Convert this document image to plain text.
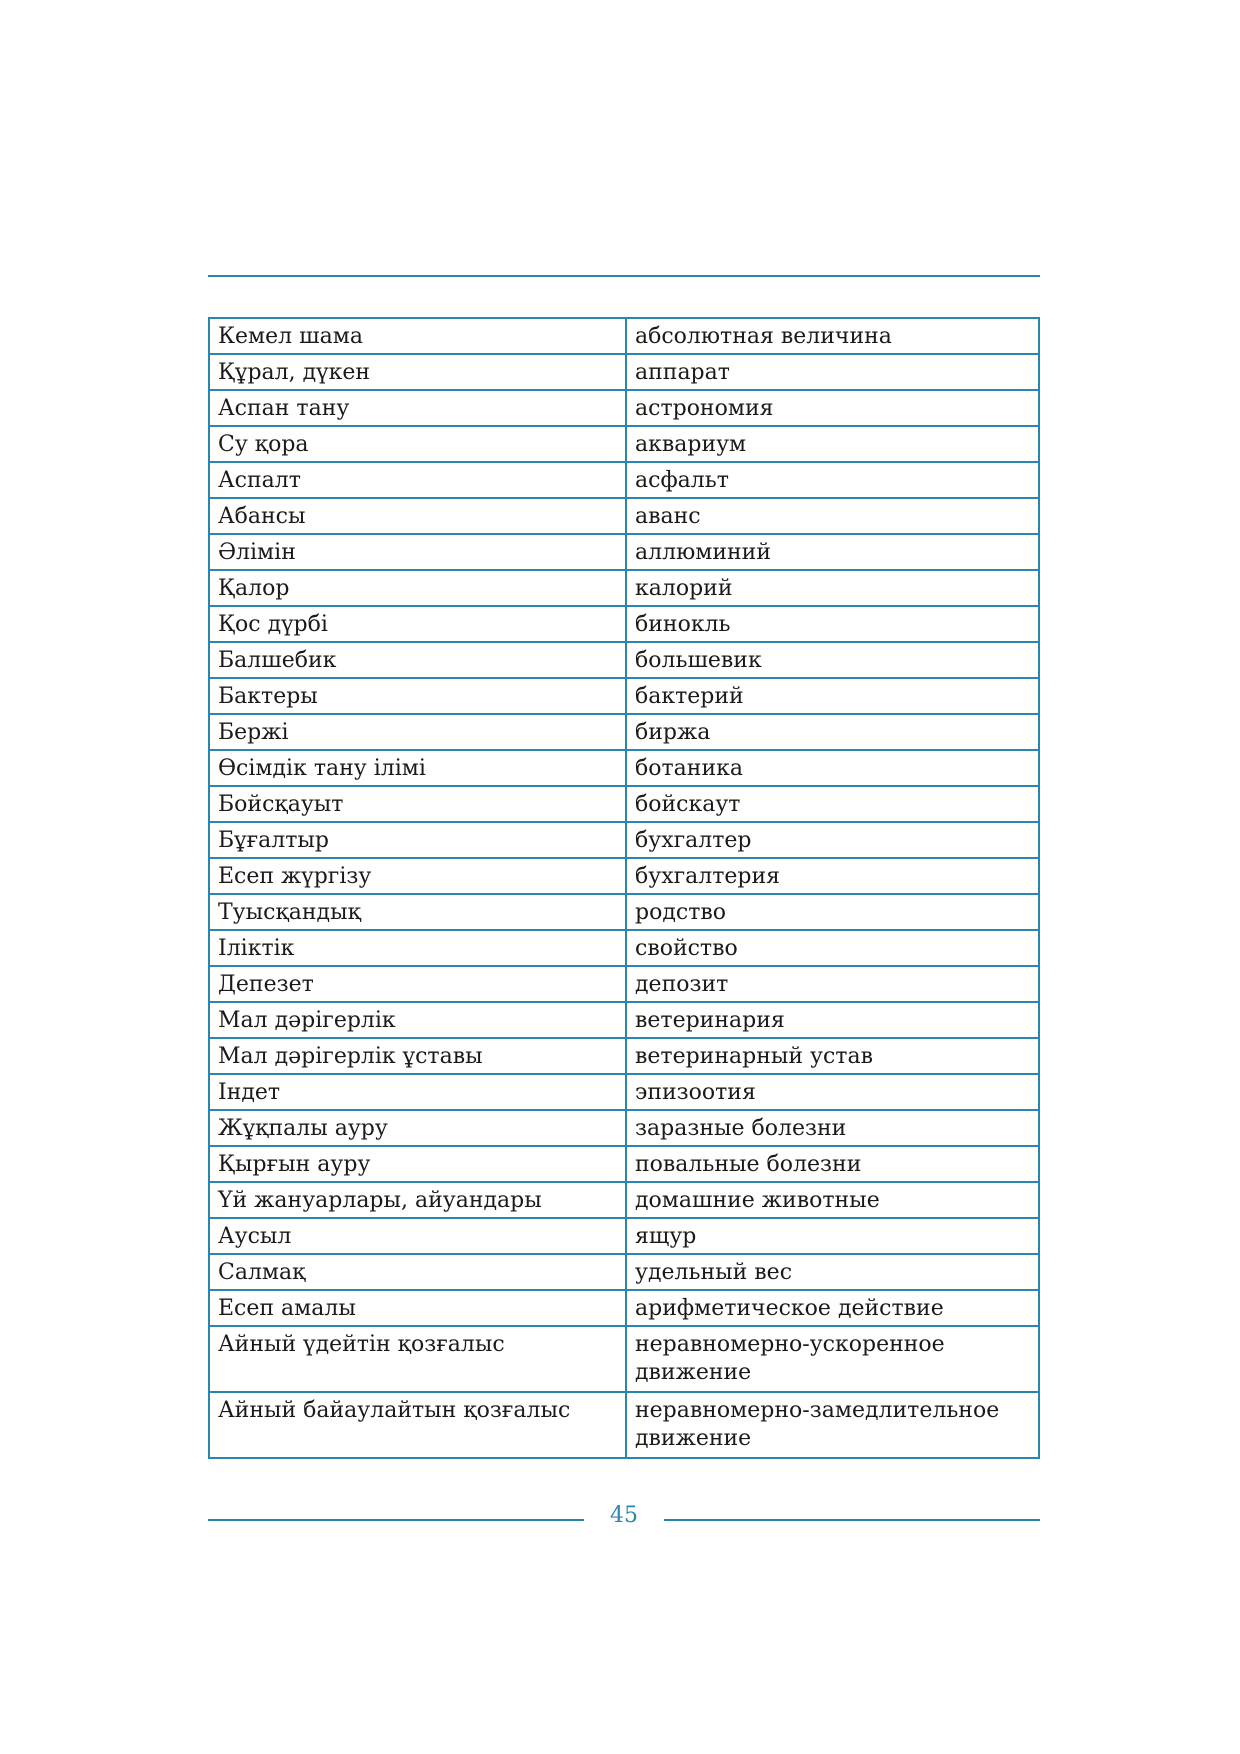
Кемел шама	абсолютная величина
Құрал, дүкен	аппарат
Аспан тану	астрономия
Су қора	аквариум
Аспалт	асфальт
Абансы	аванс
Әлімін	аллюминий
Қалор	калорий
Қос дүрбі	бинокль
Балшебик	большевик
Бактеры	бактерий
Бержі	биржа
Өсімдік тану ілімі	ботаника
Бойсқауыт	бойскаут
Бұғалтыр	бухгалтер
Есеп жүргізу	бухгалтерия
Туысқандық	родство
Іліктік	свойство
Депезет	депозит
Мал дәрігерлік	ветеринария
Мал дәрігерлік ұставы	ветеринарный устав
Індет	эпизоотия
Жұқпалы ауру	заразные болезни
Қырғын ауру	повальные болезни
Үй жануарлары, айуандары	домашние животные
Аусыл	ящур
Салмақ	удельный вес
Есеп амалы	арифметическое действие
Айный үдейтін қозғалыс	неравномерно-ускоренное движение
Айный байаулайтын қозғалыс	неравномерно-замедлительное движение
45
